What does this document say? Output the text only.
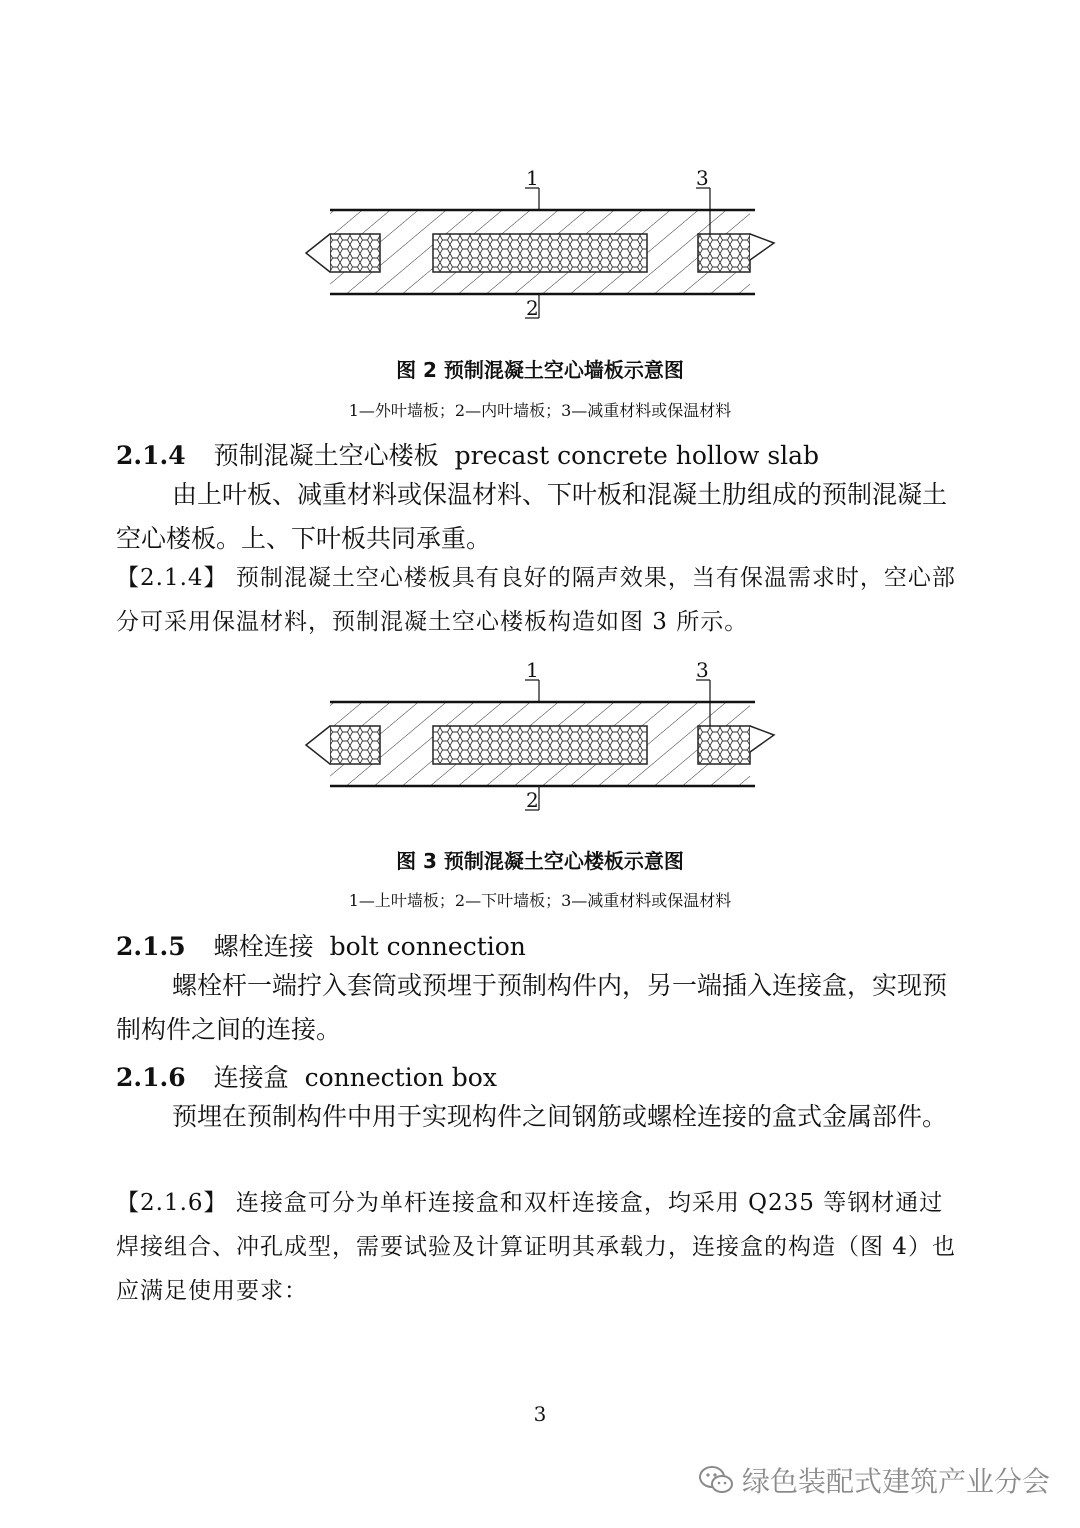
1	3
2
图 2 预制混凝土空心墙板示意图
1—外叶墙板；2—内叶墙板；3—减重材料或保温材料
2.1.4 预制混凝土空心楼板 precast concrete hollow slab
由上叶板、减重材料或保温材料、下叶板和混凝土肋组成的预制混凝土空心楼板。上、下叶板共同承重。
【2.1.4】 预制混凝土空心楼板具有良好的隔声效果，当有保温需求时，空心部分可采用保温材料，预制混凝土空心楼板构造如图 3 所示。
1	3
2
图 3 预制混凝土空心楼板示意图
1—上叶墙板；2—下叶墙板；3—减重材料或保温材料
2.1.5 螺栓连接 bolt connection
螺栓杆一端拧入套筒或预埋于预制构件内，另一端插入连接盒，实现预制构件之间的连接。
2.1.6 连接盒 connection box
预埋在预制构件中用于实现构件之间钢筋或螺栓连接的盒式金属部件。
【2.1.6】 连接盒可分为单杆连接盒和双杆连接盒，均采用 Q235 等钢材通过焊接组合、冲孔成型，需要试验及计算证明其承载力，连接盒的构造（图 4）也应满足使用要求：
3
绿色装配式建筑产业分会
